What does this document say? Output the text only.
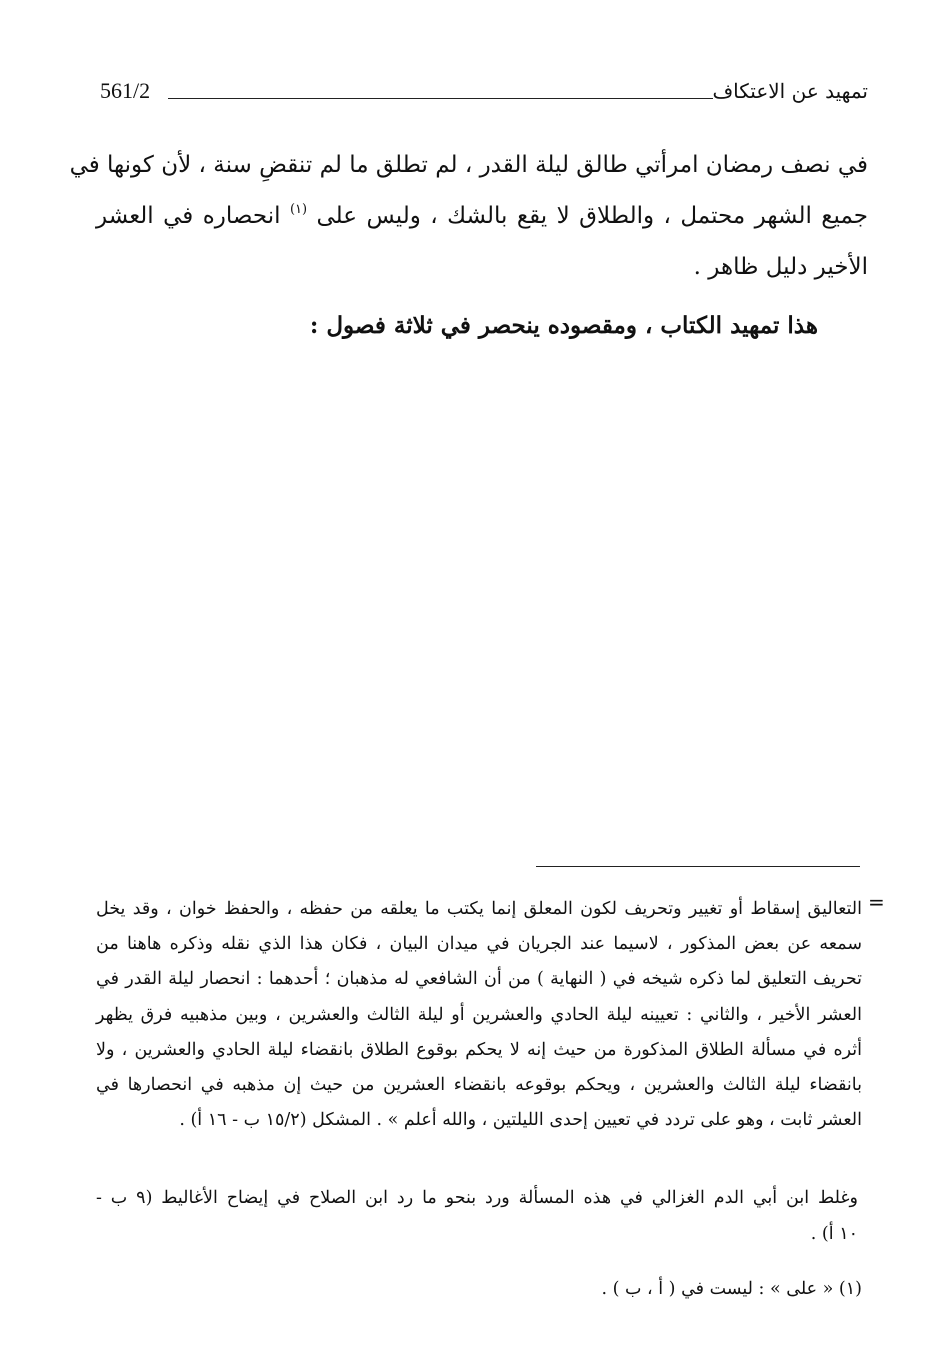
561/2	تمهيد عن الاعتكاف
في نصف رمضان امرأتي طالق ليلة القدر ، لم تطلق ما لم تنقضِ سنة ، لأن كونها في
جميع الشهر محتمل ، والطلاق لا يقع بالشك ، وليس على $^{(١)}$ انحصاره في العشر
الأخير دليل ظاهر .
هذا تمهيد الكتاب ، ومقصوده ينحصر في ثلاثة فصول :
=
التعاليق إسقاط أو تغيير وتحريف لكون المعلق إنما يكتب ما يعلقه من حفظه ، والحفظ خوان ، وقد يخل
سمعه عن بعض المذكور ، لاسيما عند الجريان في ميدان البيان ، فكان هذا الذي نقله وذكره هاهنا من
تحريف التعليق لما ذكره شيخه في ( النهاية ) من أن الشافعي له مذهبان ؛ أحدهما : انحصار ليلة القدر في
العشر الأخير ، والثاني : تعيينه ليلة الحادي والعشرين أو ليلة الثالث والعشرين ، وبين مذهبيه فرق يظهر
أثره في مسألة الطلاق المذكورة من حيث إنه لا يحكم بوقوع الطلاق بانقضاء ليلة الحادي والعشرين ، ولا
بانقضاء ليلة الثالث والعشرين ، ويحكم بوقوعه بانقضاء العشرين من حيث إن مذهبه في انحصارها في
العشر ثابت ، وهو على تردد في تعيين إحدى الليلتين ، والله أعلم » . المشكل (١٥/٢ ب - ١٦ أ) .
وغلط ابن أبي الدم الغزالي في هذه المسألة ورد بنحو ما رد ابن الصلاح في إيضاح الأغاليط (٩ ب -
١٠ أ) .
(١) « على » : ليست في ( أ ، ب ) .
